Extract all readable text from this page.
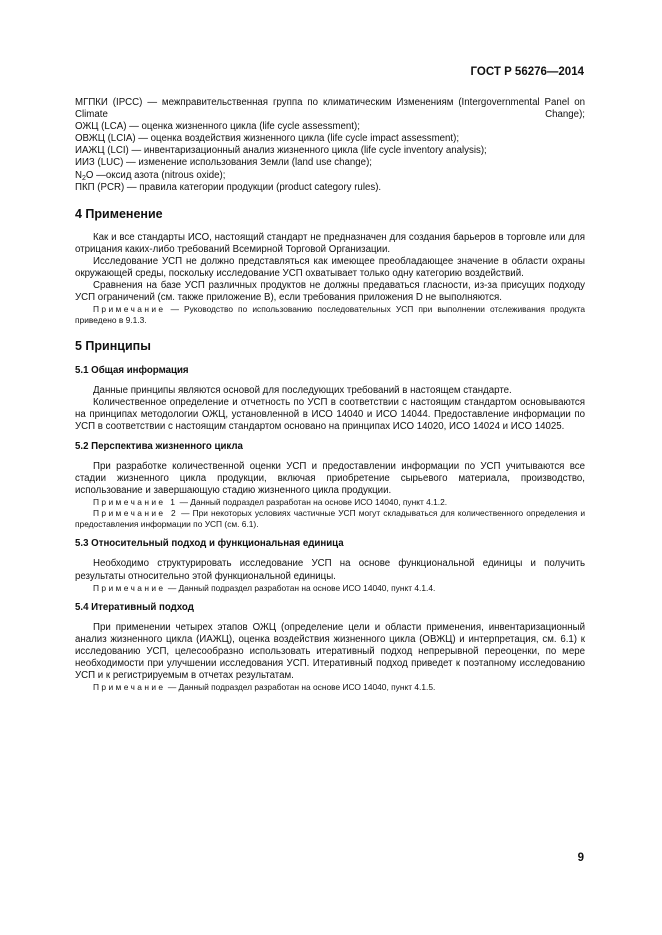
ГОСТ Р 56276—2014

МГПКИ (IPCC) — межправительственная группа по климатическим Изменениям (Intergovernmental Panel on Climate Change);

ОЖЦ (LCA) — оценка жизненного цикла (life cycle assessment);

ОВЖЦ (LCIA) — оценка воздействия жизненного цикла (life cycle impact assessment);

ИАЖЦ (LCI) — инвентаризационный анализ жизненного цикла (life cycle inventory analysis);

ИИЗ (LUC) — изменение использования Земли (land use change);

$N_2O$ —оксид азота (nitrous oxide);

ПКП (PCR) — правила категории продукции (product category rules).

4 Применение

Как и все стандарты ИСО, настоящий стандарт не предназначен для создания барьеров в торговле или для отрицания каких-либо требований Всемирной Торговой Организации.

Исследование УСП не должно представляться как имеющее преобладающее значение в области охраны окружающей среды, поскольку исследование УСП охватывает только одну категорию воздействий.

Сравнения на базе УСП различных продуктов не должны предаваться гласности, из-за присущих подходу УСП ограничений (см. также приложение В), если требования приложения D не выполняются.

Примечание — Руководство по использованию последовательных УСП при выполнении отслеживания продукта приведено в 9.1.3.

5 Принципы
5.1 Общая информация

Данные принципы являются основой для последующих требований в настоящем стандарте.

Количественное определение и отчетность по УСП в соответствии с настоящим стандартом основываются на принципах методологии ОЖЦ, установленной в ИСО 14040 и ИСО 14044. Предоставление информации по УСП в соответствии с настоящим стандартом основано на принципах ИСО 14020, ИСО 14024 и ИСО 14025.

5.2 Перспектива жизненного цикла

При разработке количественной оценки УСП и предоставлении информации по УСП учитываются все стадии жизненного цикла продукции, включая приобретение сырьевого материала, производство, использование и завершающую стадию жизненного цикла продукции.

Примечание 1 — Данный подраздел разработан на основе ИСО 14040, пункт 4.1.2.

Примечание 2 — При некоторых условиях частичные УСП могут складываться для количественного определения и предоставления информации по УСП (см. 6.1).

5.3 Относительный подход и функциональная единица

Необходимо структурировать исследование УСП на основе функциональной единицы и получить результаты относительно этой функциональной единицы.

Примечание — Данный подраздел разработан на основе ИСО 14040, пункт 4.1.4.

5.4 Итеративный подход

При применении четырех этапов ОЖЦ (определение цели и области применения, инвентаризационный анализ жизненного цикла (ИАЖЦ), оценка воздействия жизненного цикла (ОВЖЦ) и интерпретация, см. 6.1) к исследованию УСП, целесообразно использовать итеративный подход непрерывной переоценки, по мере необходимости при улучшении исследования УСП. Итеративный подход приведет к поэтапному исследованию УСП и к регистрируемым в отчетах результатам.

Примечание — Данный подраздел разработан на основе ИСО 14040, пункт 4.1.5.

9
